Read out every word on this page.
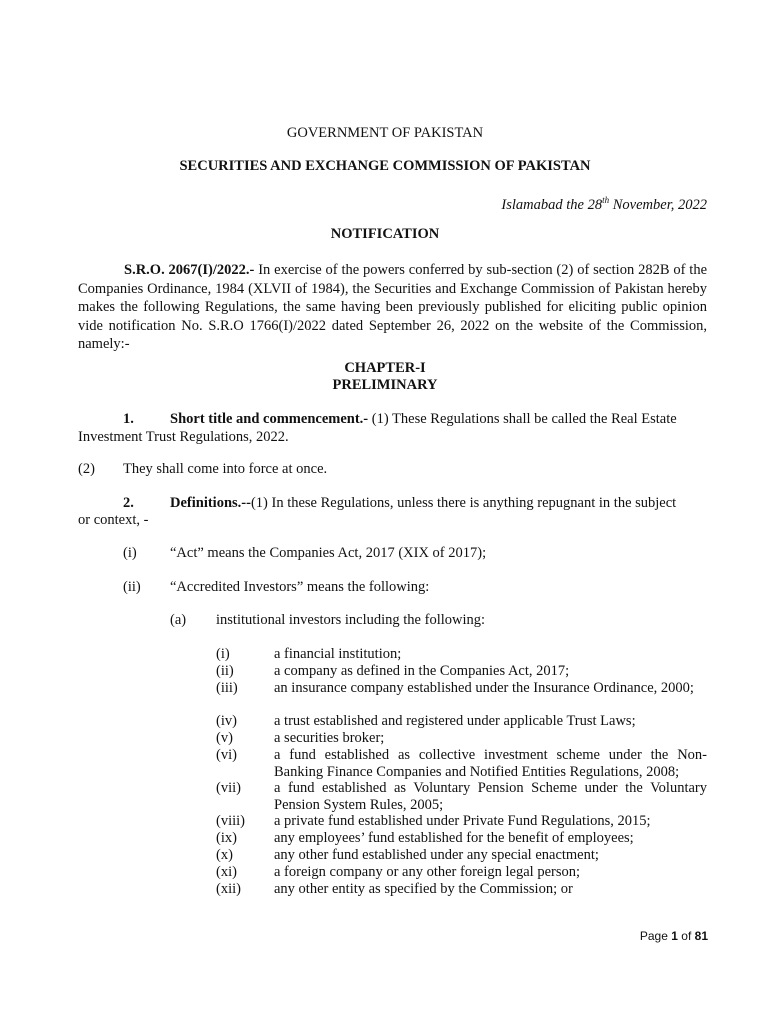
GOVERNMENT OF PAKISTAN
SECURITIES AND EXCHANGE COMMISSION OF PAKISTAN
Islamabad the 28th November, 2022
NOTIFICATION
S.R.O. 2067(I)/2022.- In exercise of the powers conferred by sub-section (2) of section 282B of the Companies Ordinance, 1984 (XLVII of 1984), the Securities and Exchange Commission of Pakistan hereby makes the following Regulations, the same having been previously published for eliciting public opinion vide notification No. S.R.O 1766(I)/2022 dated September 26, 2022 on the website of the Commission, namely:-
CHAPTER-I
PRELIMINARY
1. Short title and commencement.- (1) These Regulations shall be called the Real Estate
Investment Trust Regulations, 2022.
(2) They shall come into force at once.
2. Definitions.--(1) In these Regulations, unless there is anything repugnant in the subject
or context, -
(i) “Act” means the Companies Act, 2017 (XIX of 2017);
(ii) “Accredited Investors” means the following:
(a) institutional investors including the following:
(i)	a financial institution;
(ii)	a company as defined in the Companies Act, 2017;
(iii)	an insurance company established under the Insurance Ordinance, 2000;
(iv)	a trust established and registered under applicable Trust Laws;
(v)	a securities broker;
(vi)	a fund established as collective investment scheme under the Non-Banking Finance Companies and Notified Entities Regulations, 2008;
(vii) a fund established as Voluntary Pension Scheme under the Voluntary Pension System Rules, 2005;
(viii) a private fund established under Private Fund Regulations, 2015;
(ix)	any employees’ fund established for the benefit of employees;
(x)	any other fund established under any special enactment;
(xi)	a foreign company or any other foreign legal person;
(xii) any other entity as specified by the Commission; or
Page 1 of 81
